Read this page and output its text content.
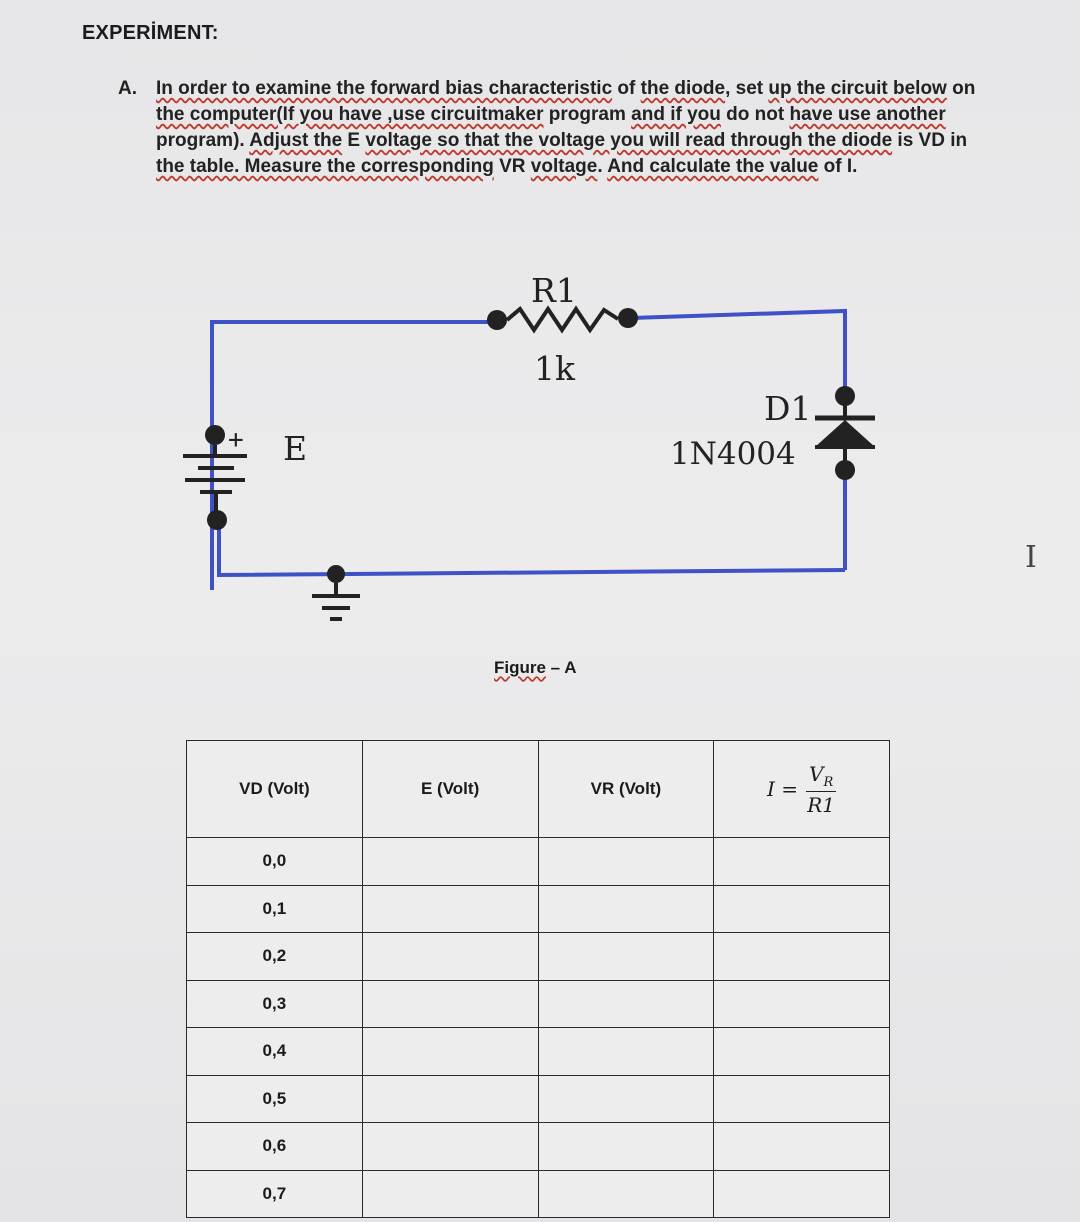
EXPERİMENT:
A. In order to examine the forward bias characteristic of the diode, set up the circuit below on the computer(If you have ,use circuitmaker program and if you do not have use another program). Adjust the E voltage so that the voltage you will read through the diode is VD in the table. Measure the corresponding VR voltage. And calculate the value of I.
R1
1k
D1
1N4004
+ E
Figure – A
VD (Volt)	E (Volt)	VR (Volt)	$I = \frac{V_R}{R1}$

0,0			
0,1			
0,2			
0,3			
0,4			
0,5			
0,6			
0,7			
I
